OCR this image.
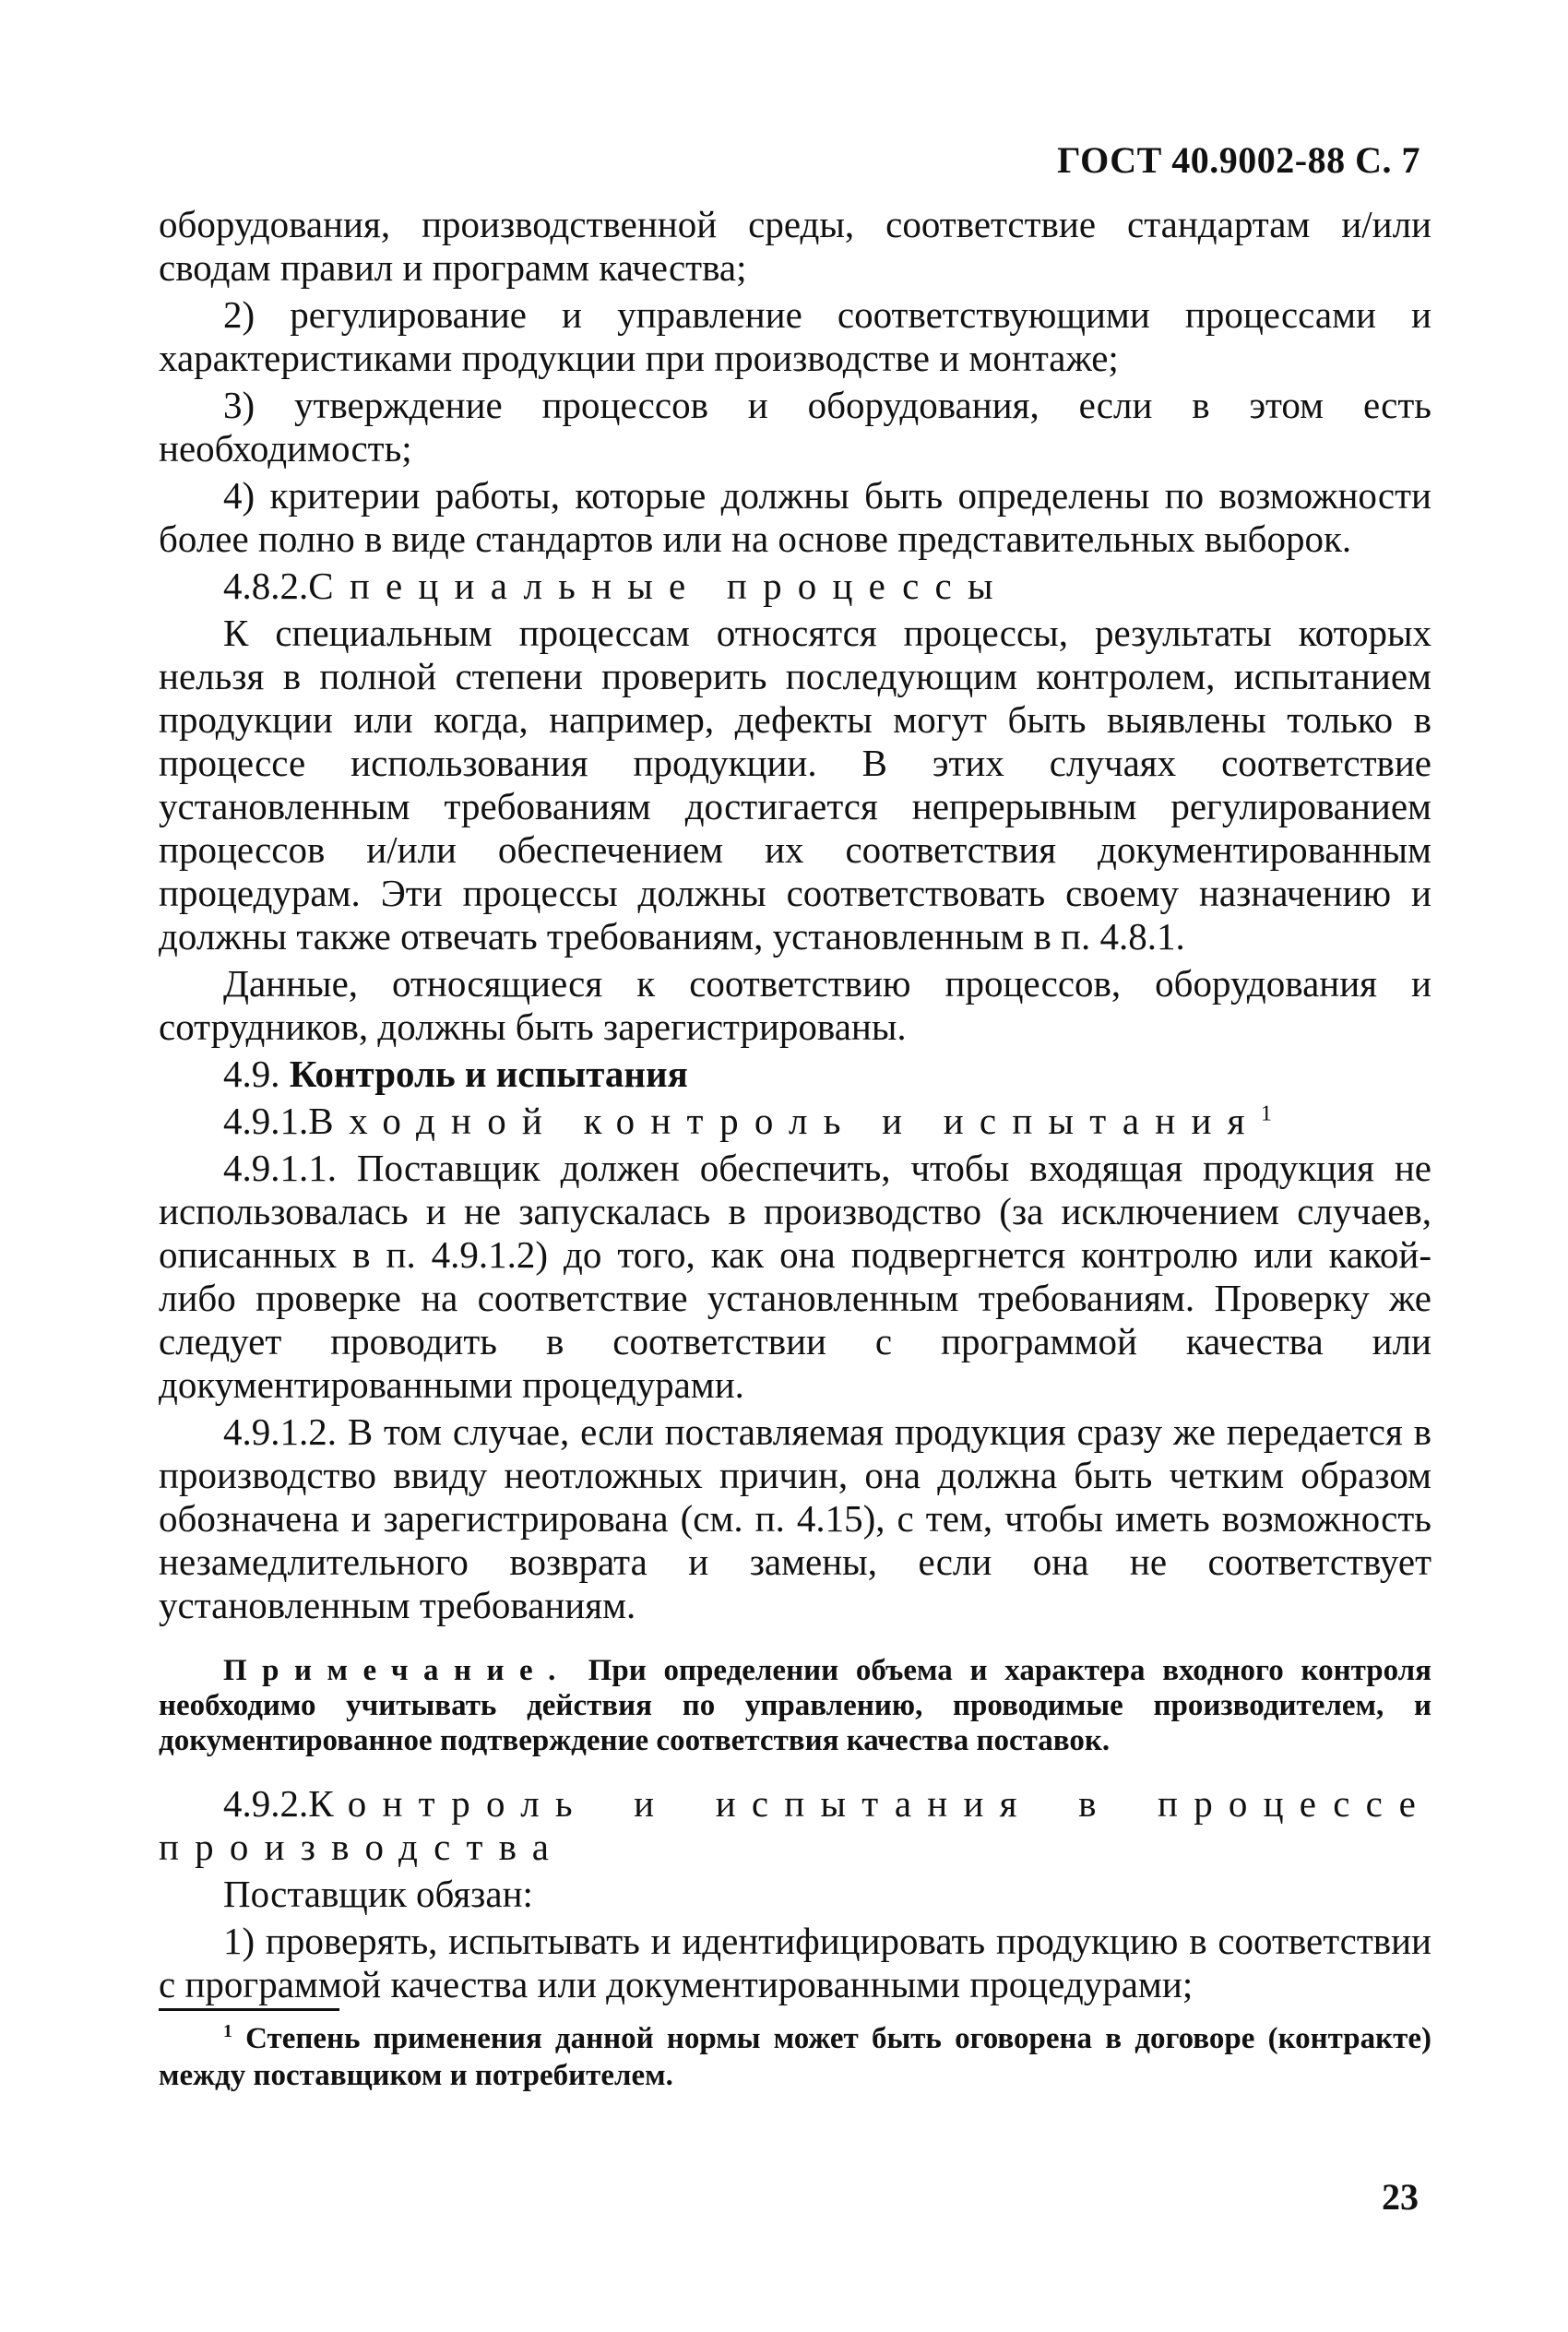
ГОСТ 40.9002-88 С. 7

оборудования, производственной среды, соответствие стандартам и/или сводам правил и программ качества;

2) регулирование и управление соответствующими процессами и характеристиками продукции при производстве и монтаже;

3) утверждение процессов и оборудования, если в этом есть необходимость;

4) критерии работы, которые должны быть определены по возможности более полно в виде стандартов или на основе представительных выборок.

4.8.2.Специальные процессы

К специальным процессам относятся процессы, результаты которых нельзя в полной степени проверить последующим контролем, испытанием продукции или когда, например, дефекты могут быть выявлены только в процессе использования продукции. В этих случаях соответствие установленным требованиям достигается непрерывным регулированием процессов и/или обеспечением их соответствия документированным процедурам. Эти процессы должны соответствовать своему назначению и должны также отвечать требованиям, установленным в п. 4.8.1.

Данные, относящиеся к соответствию процессов, оборудования и сотрудников, должны быть зарегистрированы.

4.9. Контроль и испытания

4.9.1.Входной контроль и испытания$^1$

4.9.1.1. Поставщик должен обеспечить, чтобы входящая продукция не использовалась и не запускалась в производство (за исключением случаев, описанных в п. 4.9.1.2) до того, как она подвергнется контролю или какой-либо проверке на соответствие установленным требованиям. Проверку же следует проводить в соответствии с программой качества или документированными процедурами.

4.9.1.2. В том случае, если поставляемая продукция сразу же передается в производство ввиду неотложных причин, она должна быть четким образом обозначена и зарегистрирована (см. п. 4.15), с тем, чтобы иметь возможность незамедлительного возврата и замены, если она не соответствует установленным требованиям.

Примечание. При определении объема и характера входного контроля необходимо учитывать действия по управлению, проводимые производителем, и документированное подтверждение соответствия качества поставок.

4.9.2.Контроль и испытания в процессе производства

Поставщик обязан:

1) проверять, испытывать и идентифицировать продукцию в соответствии с программой качества или документированными процедурами;

$^1$ Степень применения данной нормы может быть оговорена в договоре (контракте) между поставщиком и потребителем.
23
